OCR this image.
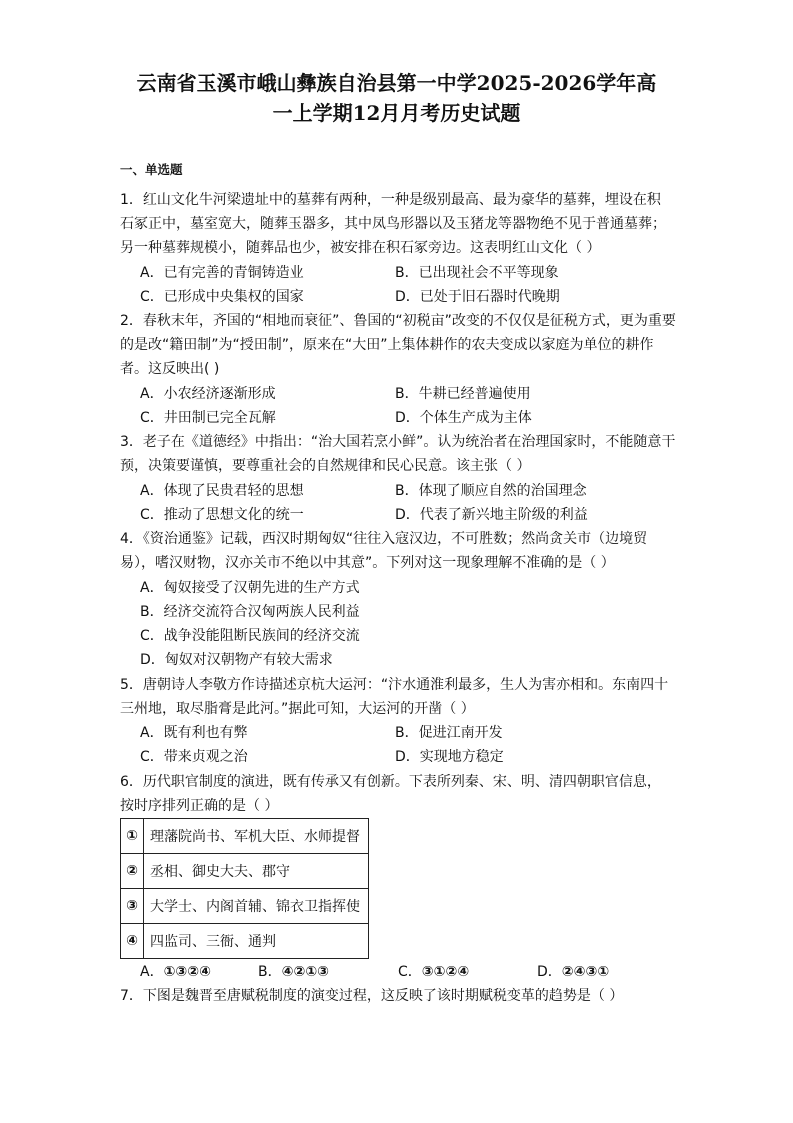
云南省玉溪市峨山彝族自治县第一中学2025-2026学年高
一上学期12月月考历史试题
一、单选题
1．红山文化牛河梁遗址中的墓葬有两种，一种是级别最高、最为豪华的墓葬，埋设在积
石冢正中，墓室宽大，随葬玉器多，其中凤鸟形器以及玉猪龙等器物绝不见于普通墓葬；
另一种墓葬规模小，随葬品也少，被安排在积石冢旁边。这表明红山文化（ ）
A．已有完善的青铜铸造业	B．已出现社会不平等现象
C．已形成中央集权的国家	D．已处于旧石器时代晚期
2．春秋末年，齐国的“相地而衰征”、鲁国的“初税亩”改变的不仅仅是征税方式，更为重要
的是改“籍田制”为“授田制”，原来在“大田”上集体耕作的农夫变成以家庭为单位的耕作
者。这反映出( )
A．小农经济逐渐形成	B．牛耕已经普遍使用
C．井田制已完全瓦解	D．个体生产成为主体
3．老子在《道德经》中指出：“治大国若烹小鲜”。认为统治者在治理国家时，不能随意干
预，决策要谨慎，要尊重社会的自然规律和民心民意。该主张（ ）
A．体现了民贵君轻的思想	B．体现了顺应自然的治国理念
C．推动了思想文化的统一	D．代表了新兴地主阶级的利益
4．《资治通鉴》记载，西汉时期匈奴“往往入寇汉边，不可胜数；然尚贪关市（边境贸
易），嗜汉财物，汉亦关市不绝以中其意”。下列对这一现象理解不准确的是（ ）
A．匈奴接受了汉朝先进的生产方式
B．经济交流符合汉匈两族人民利益
C．战争没能阻断民族间的经济交流
D．匈奴对汉朝物产有较大需求
5．唐朝诗人李敬方作诗描述京杭大运河：“汴水通淮利最多，生人为害亦相和。东南四十
三州地，取尽脂膏是此河。”据此可知，大运河的开凿（ ）
A．既有利也有弊	B．促进江南开发
C．带来贞观之治	D．实现地方稳定
6．历代职官制度的演进，既有传承又有创新。下表所列秦、宋、明、清四朝职官信息，
按时序排列正确的是（ ）
①	理藩院尚书、军机大臣、水师提督
②	丞相、御史大夫、郡守
③	大学士、内阁首辅、锦衣卫指挥使
④	四监司、三衙、通判
A．①③②④	B．④②①③	C．③①②④	D．②④③①
7．下图是魏晋至唐赋税制度的演变过程，这反映了该时期赋税变革的趋势是（ ）
